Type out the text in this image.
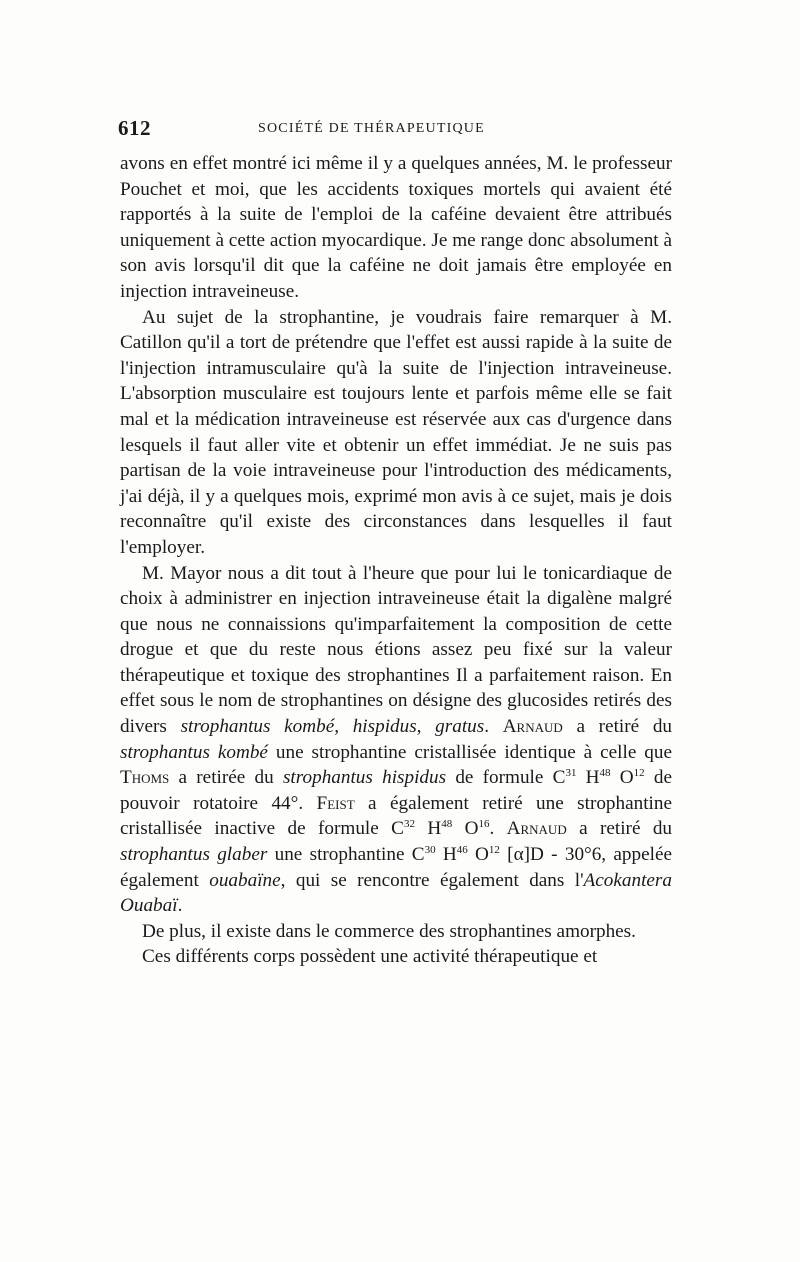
612	SOCIÉTÉ DE THÉRAPEUTIQUE

avons en effet montré ici même il y a quelques années, M. le professeur Pouchet et moi, que les accidents toxiques mortels qui avaient été rapportés à la suite de l'emploi de la caféine devaient être attribués uniquement à cette action myocardique. Je me range donc absolument à son avis lorsqu'il dit que la caféine ne doit jamais être employée en injection intraveineuse.

Au sujet de la strophantine, je voudrais faire remarquer à M. Catillon qu'il a tort de prétendre que l'effet est aussi rapide à la suite de l'injection intramusculaire qu'à la suite de l'injection intraveineuse. L'absorption musculaire est toujours lente et parfois même elle se fait mal et la médication intraveineuse est réservée aux cas d'urgence dans lesquels il faut aller vite et obtenir un effet immédiat. Je ne suis pas partisan de la voie intraveineuse pour l'introduction des médicaments, j'ai déjà, il y a quelques mois, exprimé mon avis à ce sujet, mais je dois reconnaître qu'il existe des circonstances dans lesquelles il faut l'employer.

M. Mayor nous a dit tout à l'heure que pour lui le tonicardiaque de choix à administrer en injection intraveineuse était la digalène malgré que nous ne connaissions qu'imparfaitement la composition de cette drogue et que du reste nous étions assez peu fixé sur la valeur thérapeutique et toxique des strophantines Il a parfaitement raison. En effet sous le nom de strophantines on désigne des glucosides retirés des divers strophantus kombé, hispidus, gratus. Arnaud a retiré du strophantus kombé une strophantine cristallisée identique à celle que Thoms a retirée du strophantus hispidus de formule $C^{31}$ $H^{48}$ $O^{12}$ de pouvoir rotatoire 44°. Feist a également retiré une strophantine cristallisée inactive de formule $C^{32}$ $H^{48}$ $O^{16}$. Arnaud a retiré du strophantus glaber une strophantine $C^{30}$ $H^{46}$ $O^{12}$ [α]D - 30°6, appelée également ouabaïne, qui se rencontre également dans l'Acokantera Ouabaï.

De plus, il existe dans le commerce des strophantines amorphes.

Ces différents corps possèdent une activité thérapeutique et
